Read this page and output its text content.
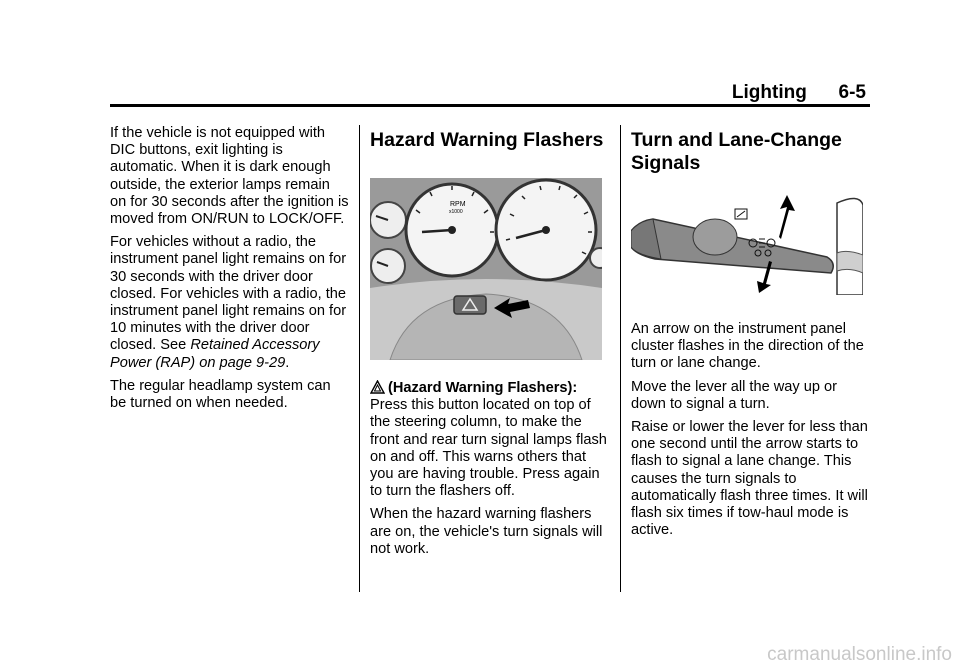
Lighting 6-5

If the vehicle is not equipped with DIC buttons, exit lighting is automatic. When it is dark enough outside, the exterior lamps remain on for 30 seconds after the ignition is moved from ON/RUN to LOCK/OFF.

For vehicles without a radio, the instrument panel light remains on for 30 seconds with the driver door closed. For vehicles with a radio, the instrument panel light remains on for 10 minutes with the driver door closed. See Retained Accessory Power (RAP) on page 9-29.

The regular headlamp system can be turned on when needed.

Hazard Warning Flashers
RPM
x1000

(Hazard Warning Flashers): Press this button located on top of the steering column, to make the front and rear turn signal lamps flash on and off. This warns others that you are having trouble. Press again to turn the flashers off.

When the hazard warning flashers are on, the vehicle's turn signals will not work.

Turn and Lane-Change Signals

An arrow on the instrument panel cluster flashes in the direction of the turn or lane change.

Move the lever all the way up or down to signal a turn.

Raise or lower the lever for less than one second until the arrow starts to flash to signal a lane change. This causes the turn signals to automatically flash three times. It will flash six times if tow-haul mode is active.

carmanualsonline.info
